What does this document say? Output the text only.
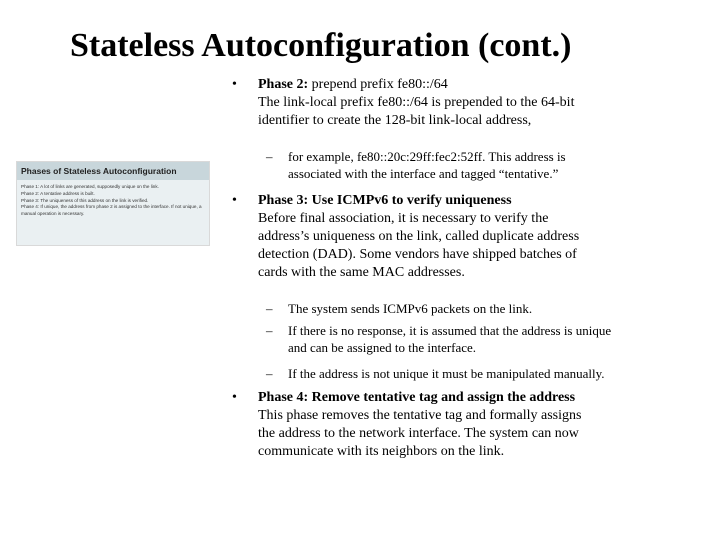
Stateless Autoconfiguration (cont.)
Phases of Stateless Autoconfiguration
Phase 1: A lot of links are generated, supposedly unique on the link.
Phase 2: A tentative address is built.
Phase 3: The uniqueness of this address on the link is verified.
Phase 4: If unique, the address from phase 2 is assigned to the interface. If not unique, a
manual operation is necessary.
• Phase 2: prepend prefix fe80::/64

The link-local prefix fe80::/64 is prepended to the 64-bit

identifier to create the 128-bit link-local address,

– for example, fe80::20c:29ff:fec2:52ff. This address is
associated with the interface and tagged “tentative.”
• Phase 3: Use ICMPv6 to verify uniqueness

Before final association, it is necessary to verify the

address’s uniqueness on the link, called duplicate address

detection (DAD). Some vendors have shipped batches of

cards with the same MAC addresses.

– The system sends ICMPv6 packets on the link.
– If there is no response, it is assumed that the address is unique
and can be assigned to the interface.
– If the address is not unique it must be manipulated manually.
• Phase 4: Remove tentative tag and assign the address

This phase removes the tentative tag and formally assigns

the address to the network interface. The system can now

communicate with its neighbors on the link.
